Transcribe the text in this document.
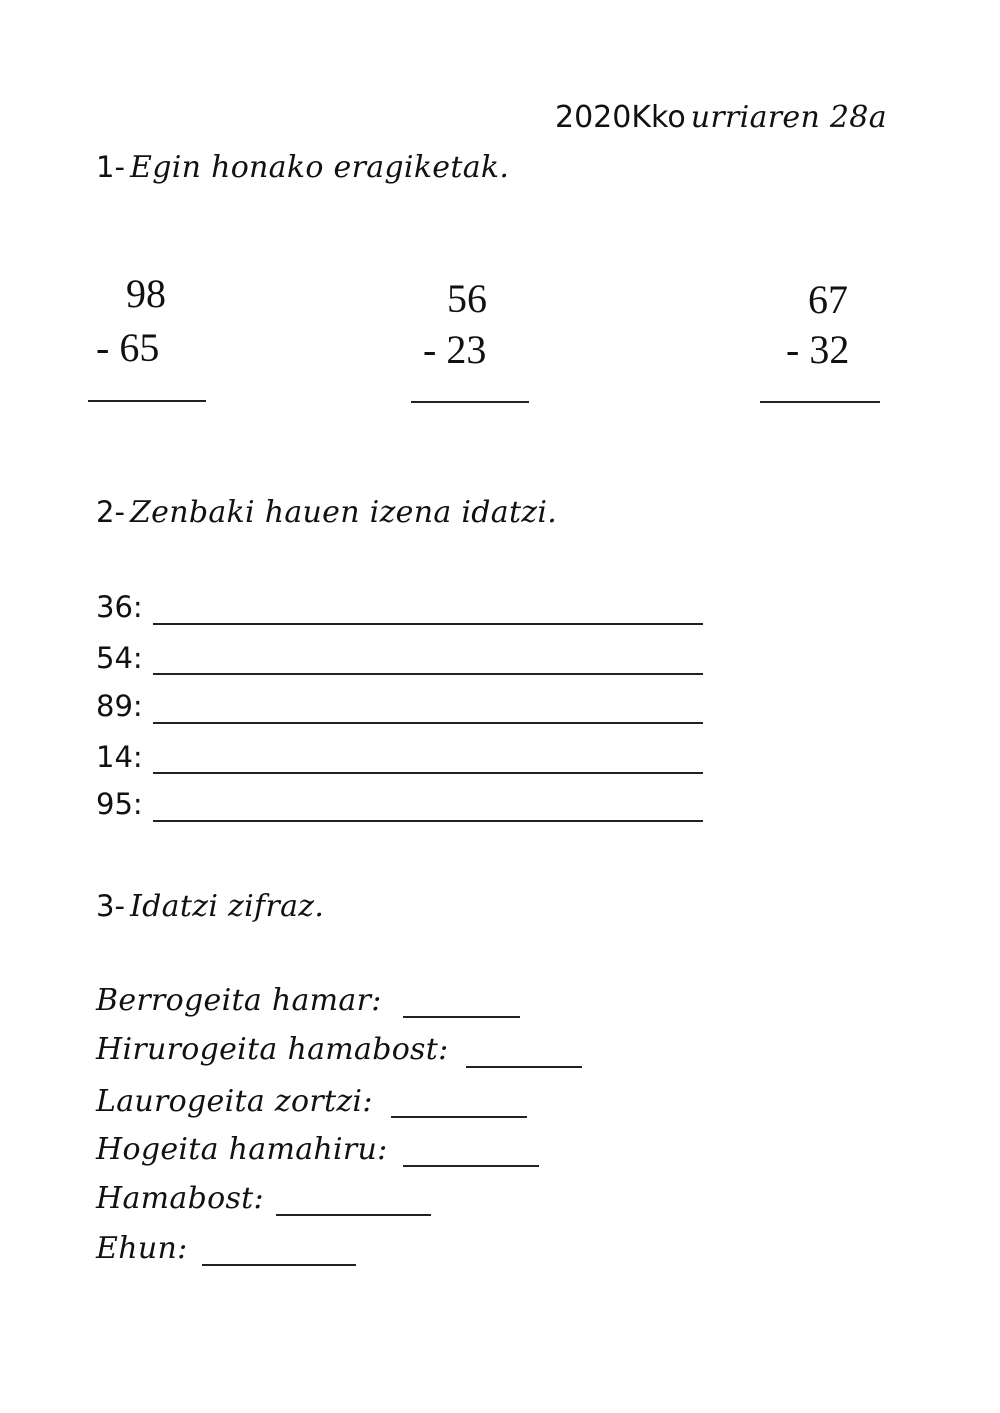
2020Kko urriaren 28a
1- Egin honako eragiketak.
98
- 65
56
- 23
67
- 32
2- Zenbaki hauen izena idatzi.
36:
54:
89:
14:
95:
3- Idatzi zifraz.
Berrogeita hamar:
Hirurogeita hamabost:
Laurogeita zortzi:
Hogeita hamahiru:
Hamabost:
Ehun:
